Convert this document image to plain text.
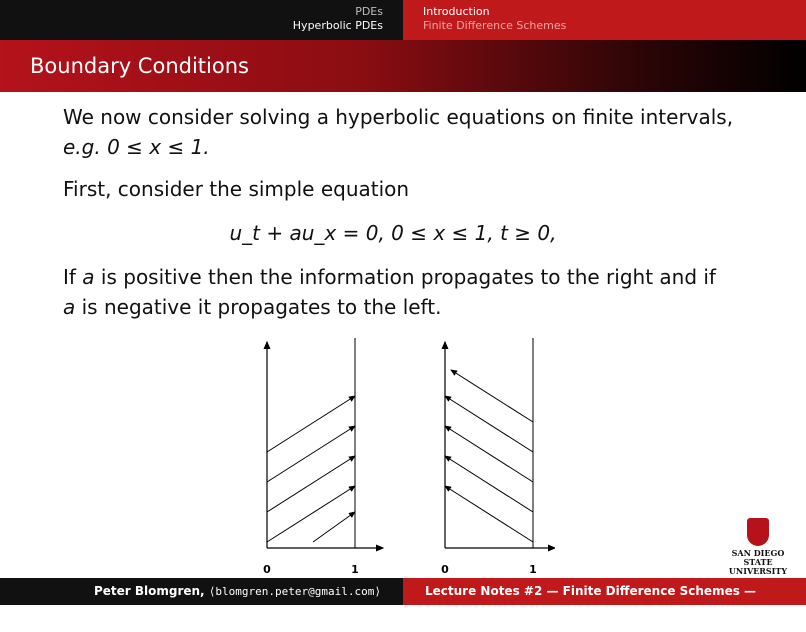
PDEs
Hyperbolic PDEs
Introduction
Finite Difference Schemes
Boundary Conditions

We now consider solving a hyperbolic equations on finite intervals,
e.g. 0 ≤ x ≤ 1.

First, consider the simple equation

u_t + au_x = 0, 0 ≤ x ≤ 1, t ≥ 0,

If a is positive then the information propagates to the right and if
a is negative it propagates to the left.

0	1	0	1
SAN DIEGO STATE
UNIVERSITY
Peter Blomgren, ⟨blomgren.peter@gmail.com⟩	Lecture Notes #2 — Finite Difference Schemes — (19/29)
